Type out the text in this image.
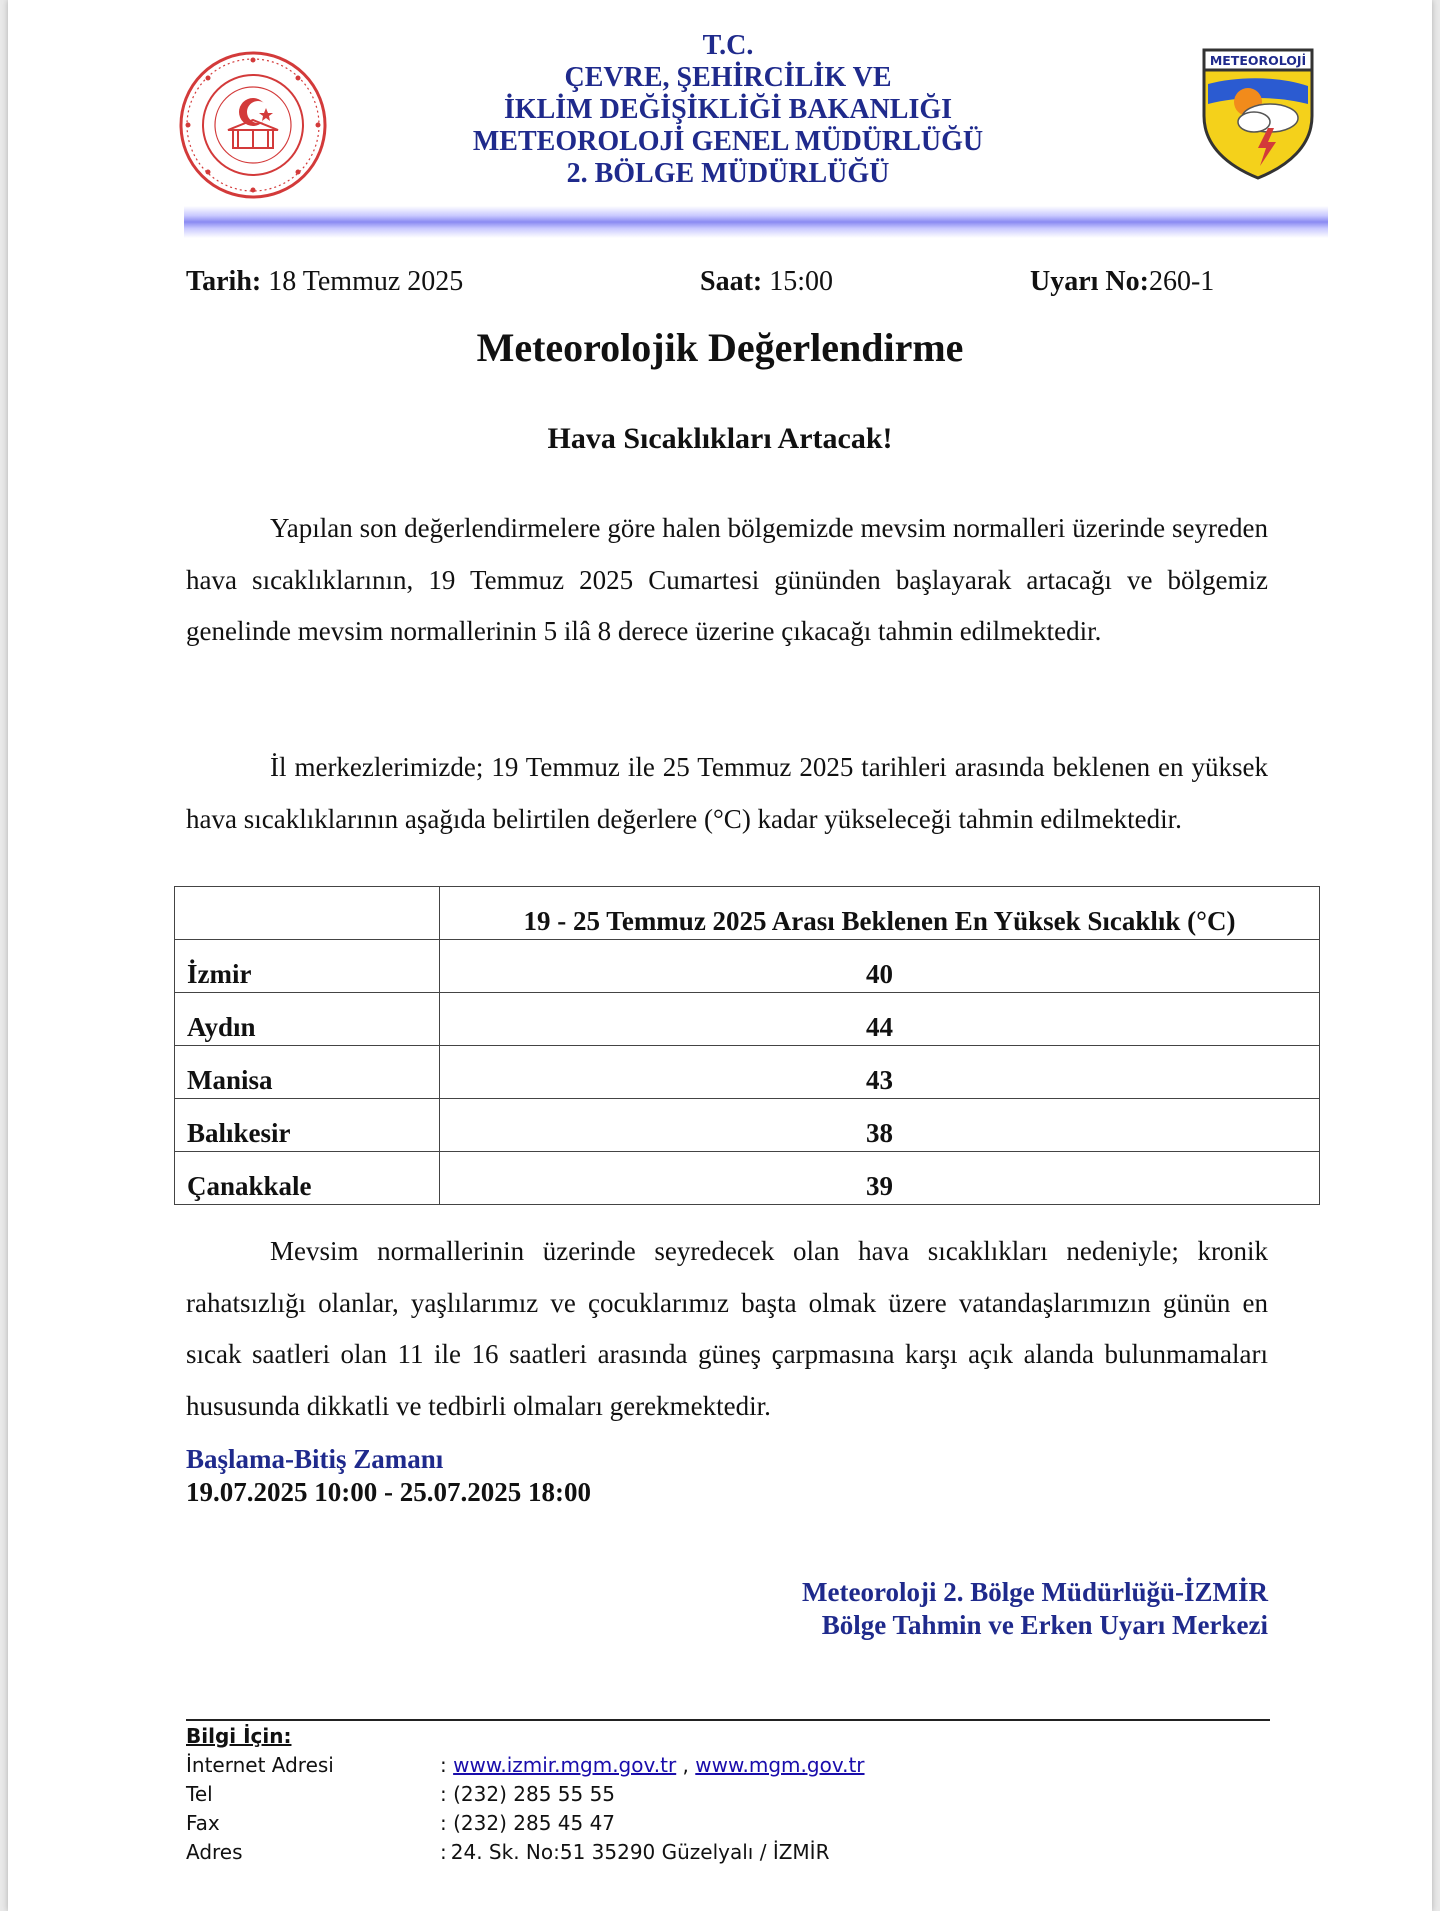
T.C.
ÇEVRE, ŞEHİRCİLİK VE
İKLİM DEĞİŞİKLİĞİ BAKANLIĞI
METEOROLOJİ GENEL MÜDÜRLÜĞÜ
2. BÖLGE MÜDÜRLÜĞÜ
METEOROLOJİ
Tarih: 18 Temmuz 2025	Saat: 15:00	Uyarı No:260-1
Meteorolojik Değerlendirme
Hava Sıcaklıkları Artacak!
Yapılan son değerlendirmelere göre halen bölgemizde mevsim normalleri üzerinde seyreden hava sıcaklıklarının, 19 Temmuz 2025 Cumartesi gününden başlayarak artacağı ve bölgemiz genelinde mevsim normallerinin 5 ilâ 8 derece üzerine çıkacağı tahmin edilmektedir.
İl merkezlerimizde; 19 Temmuz ile 25 Temmuz 2025 tarihleri arasında beklenen en yüksek hava sıcaklıklarının aşağıda belirtilen değerlere (°C) kadar yükseleceği tahmin edilmektedir.
	19 - 25 Temmuz 2025 Arası Beklenen En Yüksek Sıcaklık (°C)
İzmir	40
Aydın	44
Manisa	43
Balıkesir	38
Çanakkale	39
Mevsim normallerinin üzerinde seyredecek olan hava sıcaklıkları nedeniyle; kronik rahatsızlığı olanlar, yaşlılarımız ve çocuklarımız başta olmak üzere vatandaşlarımızın günün en sıcak saatleri olan 11 ile 16 saatleri arasında güneş çarpmasına karşı açık alanda bulunmamaları hususunda dikkatli ve tedbirli olmaları gerekmektedir.
Başlama-Bitiş Zamanı
19.07.2025 10:00 - 25.07.2025 18:00
Meteoroloji 2. Bölge Müdürlüğü-İZMİR
Bölge Tahmin ve Erken Uyarı Merkezi
Bilgi İçin:
İnternet Adresi	: www.izmir.mgm.gov.tr , www.mgm.gov.tr
Tel	: (232) 285 55 55
Fax	: (232) 285 45 47
Adres	: 24. Sk. No:51 35290 Güzelyalı / İZMİR
